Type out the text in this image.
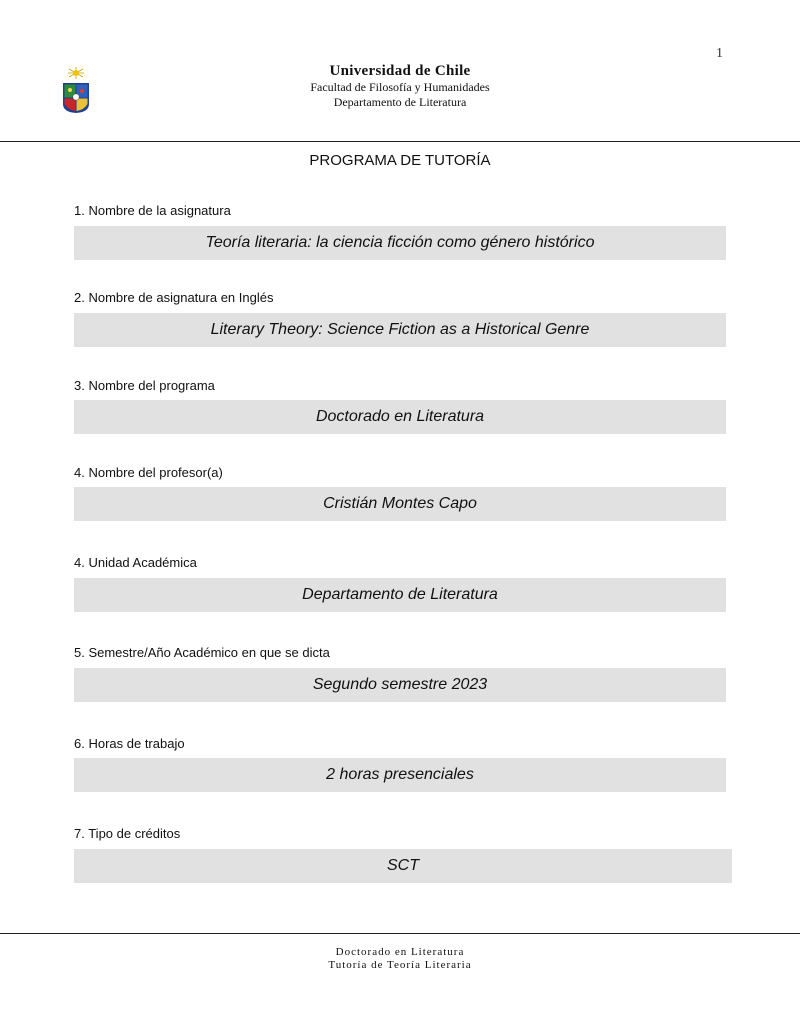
1
Universidad de Chile
Facultad de Filosofía y Humanidades
Departamento de Literatura
PROGRAMA DE TUTORÍA
1. Nombre de la asignatura
Teoría literaria: la ciencia ficción como género histórico
2. Nombre de asignatura en Inglés
Literary Theory: Science Fiction as a Historical Genre
3. Nombre del programa
Doctorado en Literatura
4. Nombre del profesor(a)
Cristián Montes Capo
4. Unidad Académica
Departamento de Literatura
5. Semestre/Año Académico en que se dicta
Segundo semestre 2023
6. Horas de trabajo
2 horas presenciales
7. Tipo de créditos
SCT
Doctorado en Literatura
Tutoría de Teoría Literaria
